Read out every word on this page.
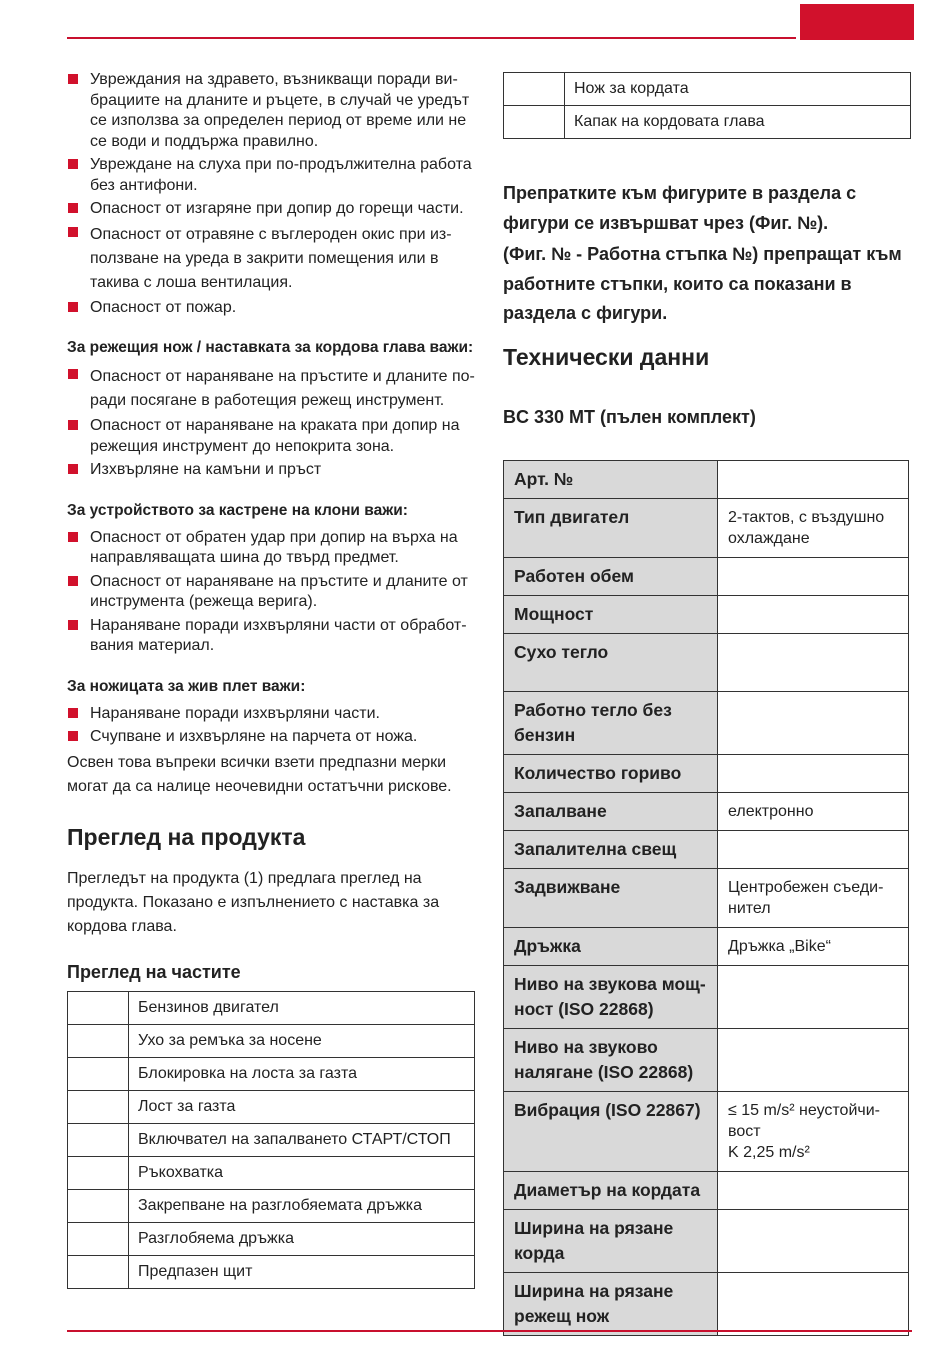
Увреждания на здравето, възникващи поради вибрациите на дланите и ръцете, в случай че уредът се използва за определен период от време или не се води и поддържа правилно.
Увреждане на слуха при по-продължителна работа без антифони.
Опасност от изгаряне при допир до горещи части.
Опасност от отравяне с въглероден окис при използване на уреда в закрити помещения или в такива с лоша вентилация.
Опасност от пожар.
За режещия нож / наставката за кордова глава важи:
Опасност от нараняване на пръстите и дланите поради посягане в работещия режещ инструмент.
Опасност от нараняване на краката при допир на режещия инструмент до непокрита зона.
Изхвърляне на камъни и пръст
За устройството за кастрене на клони важи:
Опасност от обратен удар при допир на върха на направляващата шина до твърд предмет.
Опасност от нараняване на пръстите и дланите от инструмента (режеща верига).
Нараняване поради изхвърляни части от обработвания материал.
За ножицата за жив плет важи:
Нараняване поради изхвърляни части.
Счупване и изхвърляне на парчета от ножа.

Освен това въпреки всички взети предпазни мерки могат да са налице неочевидни остатъчни рискове.

Преглед на продукта

Прегледът на продукта (1) предлага преглед на продукта. Показано е изпълнението с наставка за кордова глава.

Преглед на частите
	Бензинов двигател
	Ухо за ремъка за носене
	Блокировка на лоста за газта
	Лост за газта
	Включвател на запалването СТАРТ/СТОП
	Ръкохватка
	Закрепване на разглобяемата дръжка
	Разглобяема дръжка
	Предпазен щит
	Нож за кордата
	Капак на кордовата глава

Препратките към фигурите в раздела с фигури се извършват чрез (Фиг. №).

(Фиг. № - Работна стъпка №) препращат към работните стъпки, които са показани в раздела с фигури.

Технически данни
BC 330 MT (пълен комплект)
Арт. №	
Тип двигател	2-тактов, с въздушно охлаждане
Работен обем	
Мощност	
Сухо тегло	
Работно тегло без бензин	
Количество гориво	
Запалване	електронно
Запалителна свещ	
Задвижване	Центробежен съединител
Дръжка	Дръжка „Bike“
Ниво на звукова мощност (ISO 22868)	
Ниво на звуково налягане (ISO 22868)	
Вибрация (ISO 22867)	≤ 15 m/s² неустойчивост
K 2,25 m/s²
Диаметър на кордата	
Ширина на рязане корда	
Ширина на рязане режещ нож	
